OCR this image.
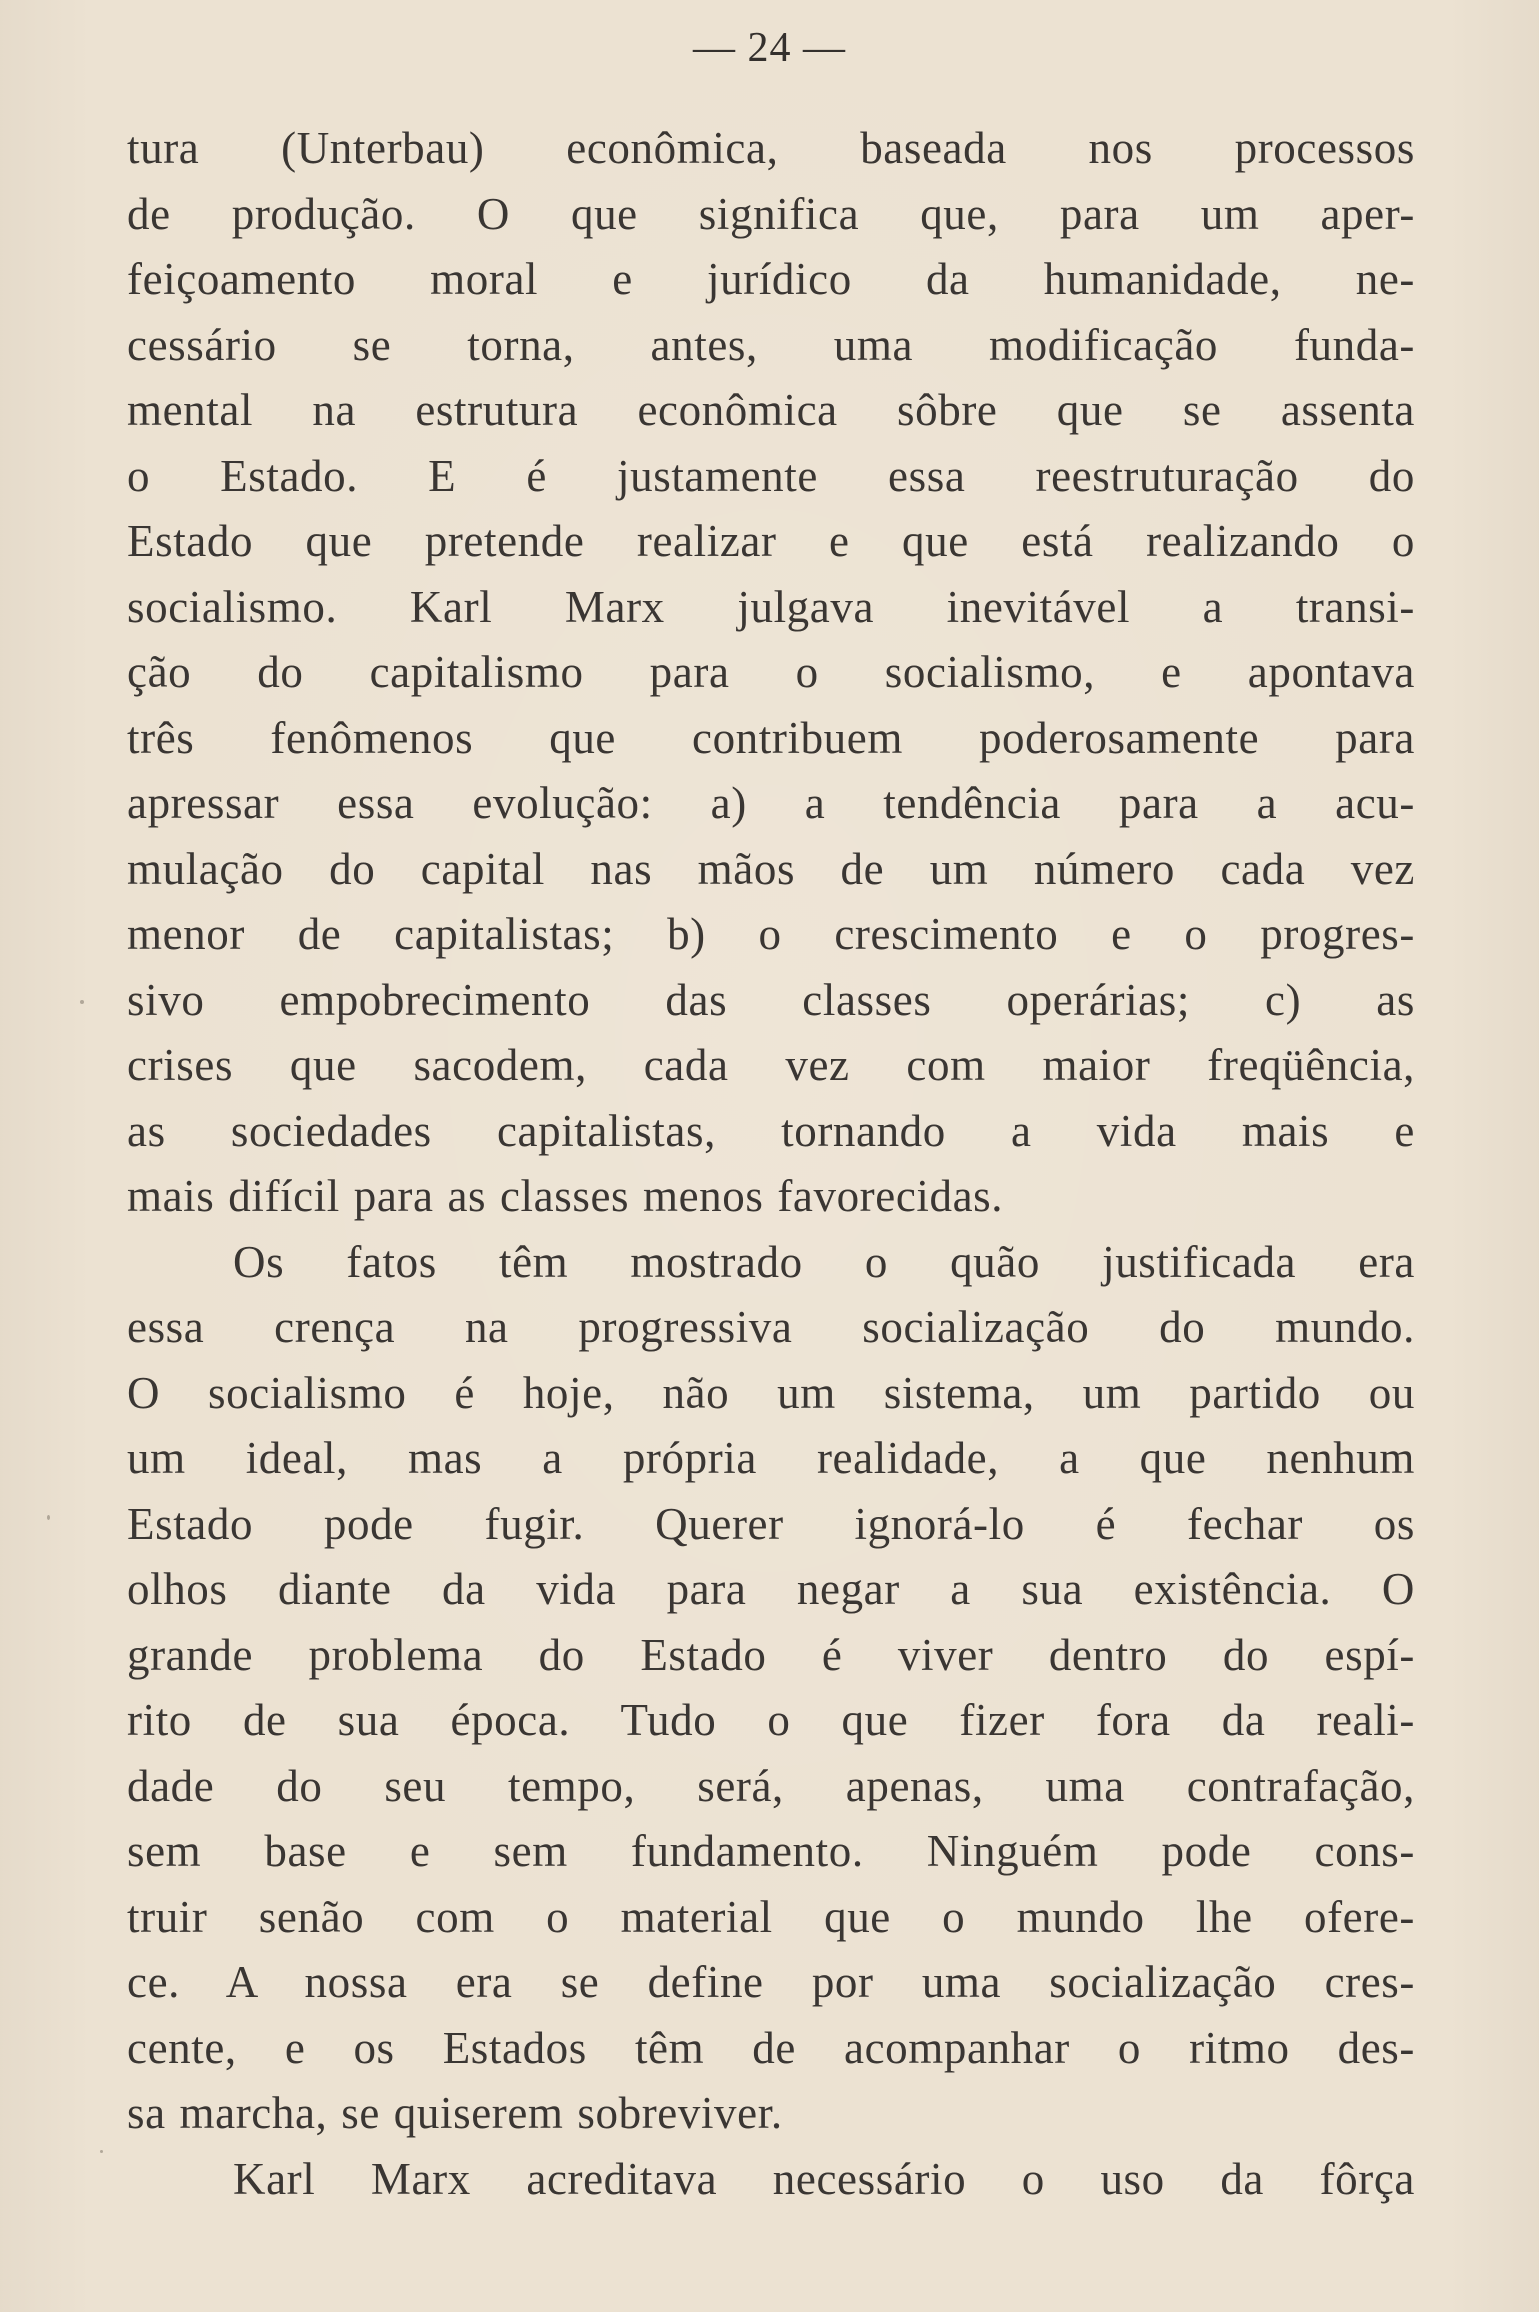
— 24 —
tura (Unterbau) econômica, baseada nos processos
de produção. O que significa que, para um aper-
feiçoamento moral e jurídico da humanidade, ne-
cessário se torna, antes, uma modificação funda-
mental na estrutura econômica sôbre que se assenta
o Estado. E é justamente essa reestruturação do
Estado que pretende realizar e que está realizando o
socialismo. Karl Marx julgava inevitável a transi-
ção do capitalismo para o socialismo, e apontava
três fenômenos que contribuem poderosamente para
apressar essa evolução: a) a tendência para a acu-
mulação do capital nas mãos de um número cada vez
menor de capitalistas; b) o crescimento e o progres-
sivo empobrecimento das classes operárias; c) as
crises que sacodem, cada vez com maior freqüência,
as sociedades capitalistas, tornando a vida mais e
mais difícil para as classes menos favorecidas.
Os fatos têm mostrado o quão justificada era
essa crença na progressiva socialização do mundo.
O socialismo é hoje, não um sistema, um partido ou
um ideal, mas a própria realidade, a que nenhum
Estado pode fugir. Querer ignorá-lo é fechar os
olhos diante da vida para negar a sua existência. O
grande problema do Estado é viver dentro do espí-
rito de sua época. Tudo o que fizer fora da reali-
dade do seu tempo, será, apenas, uma contrafação,
sem base e sem fundamento. Ninguém pode cons-
truir senão com o material que o mundo lhe ofere-
ce. A nossa era se define por uma socialização cres-
cente, e os Estados têm de acompanhar o ritmo des-
sa marcha, se quiserem sobreviver.
Karl Marx acreditava necessário o uso da fôrça
